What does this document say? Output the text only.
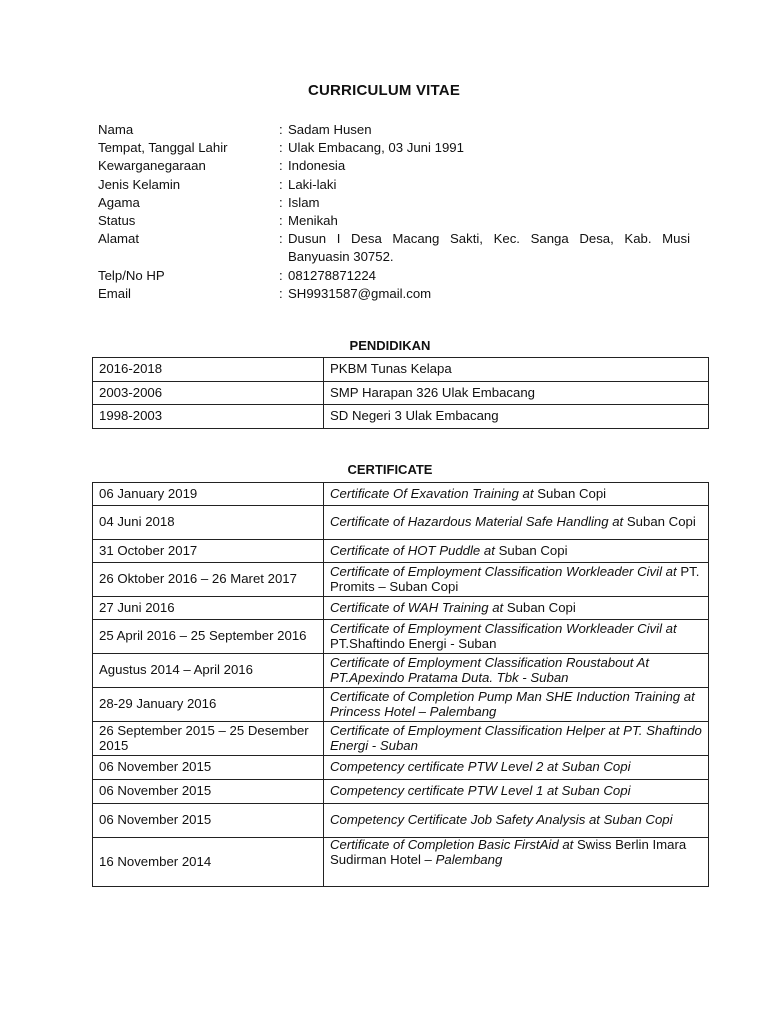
CURRICULUM VITAE
Nama	: Sadam Husen
Tempat, Tanggal Lahir	: Ulak Embacang, 03 Juni 1991
Kewarganegaraan	: Indonesia
Jenis Kelamin	: Laki-laki
Agama	: Islam
Status	: Menikah
Alamat	: Dusun I Desa Macang Sakti, Kec. Sanga Desa, Kab. Musi Banyuasin 30752.
Telp/No HP	: 081278871224
Email	: SH9931587@gmail.com
PENDIDIKAN
2016-2018	PKBM Tunas Kelapa
2003-2006	SMP Harapan 326 Ulak Embacang
1998-2003	SD Negeri 3 Ulak Embacang
CERTIFICATE
06 January 2019	Certificate Of Exavation Training at Suban Copi
04 Juni 2018	Certificate of Hazardous Material Safe Handling at Suban Copi
31 October 2017	Certificate of HOT Puddle at Suban Copi
26 Oktober 2016 – 26 Maret 2017	Certificate of Employment Classification Workleader Civil at PT. Promits – Suban Copi
27 Juni 2016	Certificate of WAH Training at Suban Copi
25 April 2016 – 25 September 2016	Certificate of Employment Classification Workleader Civil at PT.Shaftindo Energi - Suban
Agustus 2014 – April 2016	Certificate of Employment Classification Roustabout At PT.Apexindo Pratama Duta. Tbk - Suban
28-29 January 2016	Certificate of Completion Pump Man SHE Induction Training at Princess Hotel – Palembang
26 September 2015 – 25 Desember 2015	Certificate of Employment Classification Helper at PT. Shaftindo Energi - Suban
06 November 2015	Competency certificate PTW Level 2 at Suban Copi
06 November 2015	Competency certificate PTW Level 1 at Suban Copi
06 November 2015	Competency Certificate Job Safety Analysis at Suban Copi
16 November 2014	Certificate of Completion Basic FirstAid at Swiss Berlin Imara Sudirman Hotel – Palembang
